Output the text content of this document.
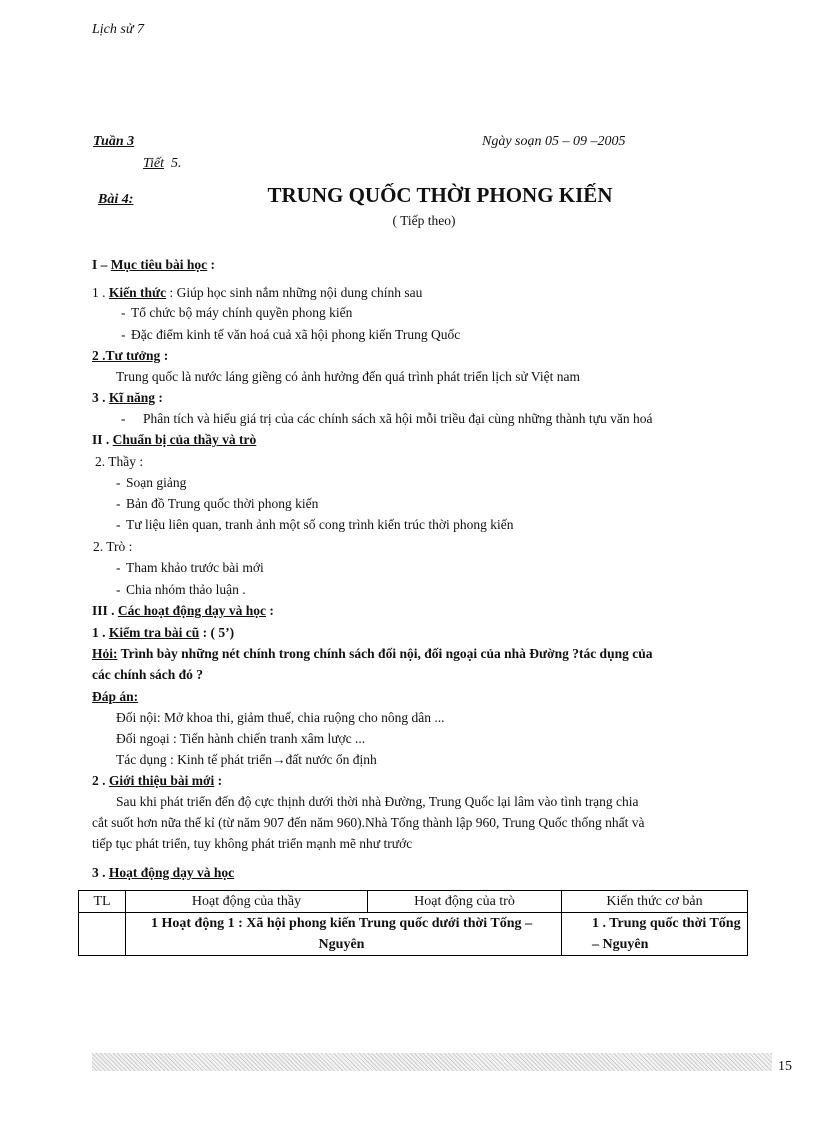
Lịch sử 7
Tuần 3
Tiết 5.
Ngày soạn 05 – 09 –2005
Bài 4:	TRUNG QUỐC THỜI PHONG KIẾN
( Tiếp theo)
I – Mục tiêu bài học :
1 . Kiến thức : Giúp học sinh nắm những nội dung chính sau
- Tổ chức bộ máy chính quyền phong kiến
- Đặc điểm kinh tế văn hoá cuả xã hội phong kiến Trung Quốc
2 .Tư tưởng :
Trung quốc là nước láng giềng có ảnh hưởng đến quá trình phát triển lịch sử Việt nam
3 . Kĩ năng :
- Phân tích và hiểu giá trị của các chính sách xã hội mỗi triều đại cùng những thành tựu văn hoá
II . Chuẩn bị của thầy và trò
2. Thầy :
- Soạn giảng
- Bản đồ Trung quốc thời phong kiến
- Tư liệu liên quan, tranh ảnh một số cong trình kiến trúc thời phong kiến
2. Trò :
- Tham khảo trước bài mới
- Chia nhóm thảo luận .
III . Các hoạt động dạy và học :
1 . Kiểm tra bài cũ : ( 5’)
Hỏi: Trình bày những nét chính trong chính sách đối nội, đối ngoại của nhà Đường ?tác dụng của
các chính sách đó ?
Đáp án:
Đối nội: Mở khoa thi, giảm thuế, chia ruộng cho nông dân ...
Đối ngoại : Tiến hành chiến tranh xâm lược ...
Tác dụng : Kinh tế phát triển→đất nước ổn định
2 . Giới thiệu bài mới :
Sau khi phát triển đến độ cực thịnh dưới thời nhà Đường, Trung Quốc lại lâm vào tình trạng chia
cắt suốt hơn nữa thế kỉ (từ năm 907 đến năm 960).Nhà Tống thành lập 960, Trung Quốc thống nhất và
tiếp tục phát triển, tuy không phát triển mạnh mẽ như trước
3 . Hoạt động dạy và học
TL	Hoạt động của thầy	Hoạt động của trò	Kiến thức cơ bản
	1 Hoạt động 1 : Xã hội phong kiến Trung quốc dưới thời Tống – Nguyên		1 . Trung quốc thời Tống – Nguyên
15
